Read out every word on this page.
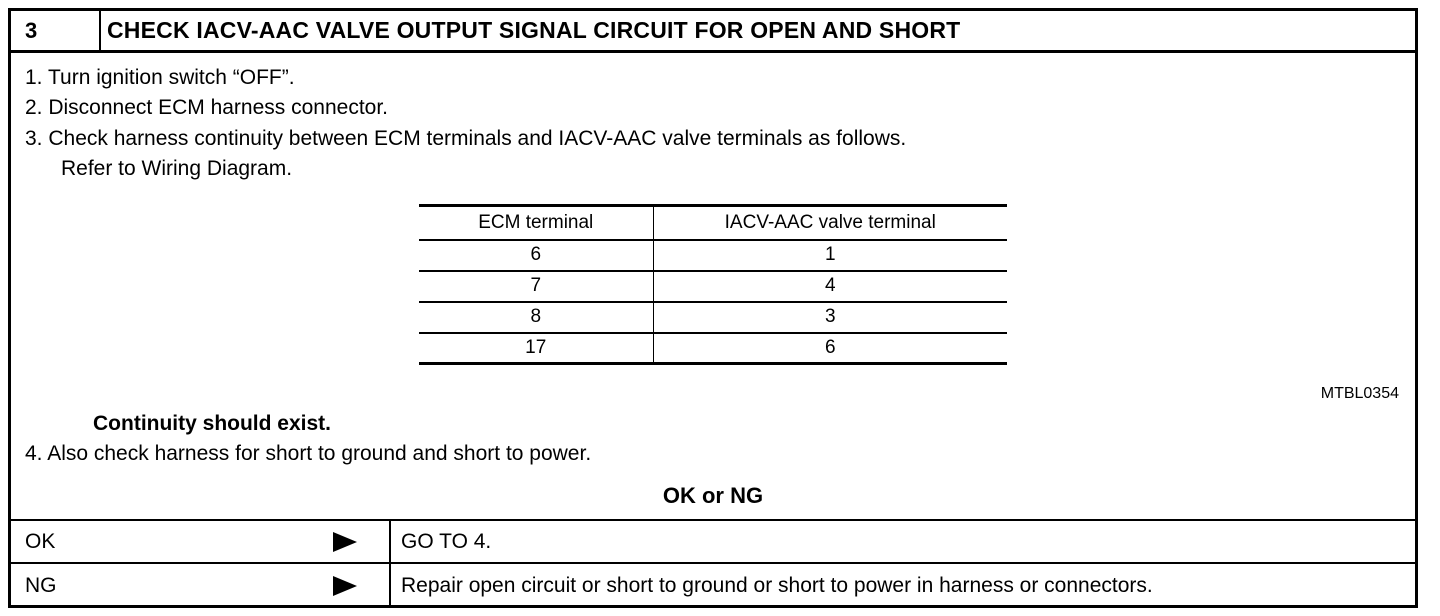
3	CHECK IACV-AAC VALVE OUTPUT SIGNAL CIRCUIT FOR OPEN AND SHORT
1. Turn ignition switch “OFF”.
2. Disconnect ECM harness connector.
3. Check harness continuity between ECM terminals and IACV-AAC valve terminals as follows.
Refer to Wiring Diagram.
ECM terminal	IACV-AAC valve terminal
6	1
7	4
8	3
17	6
MTBL0354
Continuity should exist.
4. Also check harness for short to ground and short to power.
OK or NG
OK	GO TO 4.
NG	Repair open circuit or short to ground or short to power in harness or connectors.
